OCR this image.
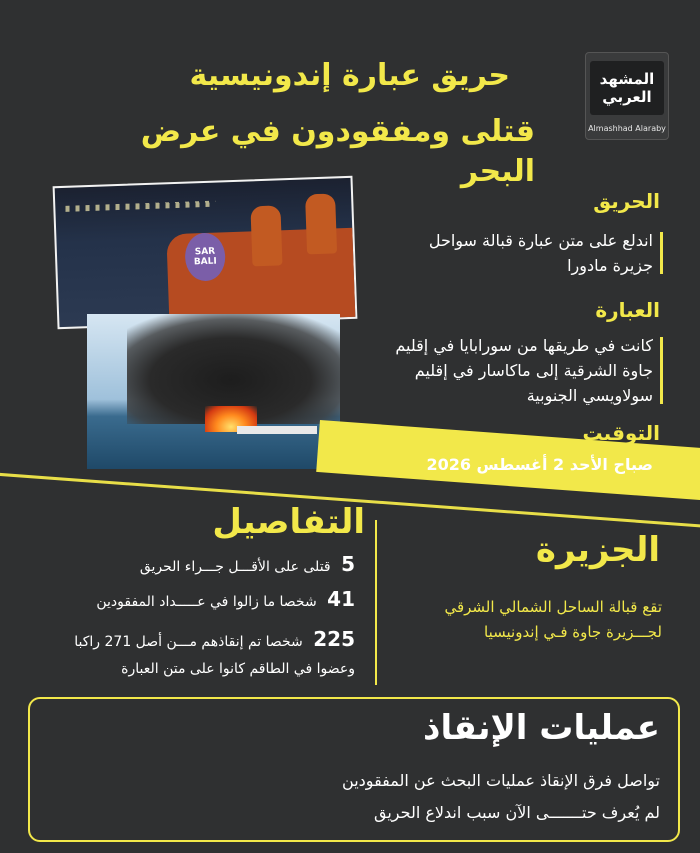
المشهد
العربي
Almashhad Alaraby
حريق عبارة إندونيسية
قتلى ومفقودون في عرض البحر
SAR BALI
الحريق
اندلع على متن عبارة قبالة سواحل جزيرة مادورا
العبارة
كانت في طريقها من سورابايا في إقليم جاوة الشرقية إلى ماكاسار في إقليم سولاويسي الجنوبية
التوقيت
صباح الأحد 2 أغسطس 2026
التفاصيل
5 قتلى على الأقـــل جـــراء الحريق
41 شخصا ما زالوا في عـــــداد المفقودين
225 شخصا تم إنقاذهم مـــن أصل 271 راكبا
وعضوا في الطاقم كانوا على متن العبارة
الجزيرة
تقع قبالة الساحل الشمالي الشرقي لجـــزيرة جاوة فـي إندونيسيا
عمليات الإنقاذ
تواصل فرق الإنقاذ عمليات البحث عن المفقودين
لم يُعرف حتـــــــى الآن سبب اندلاع الحريق
